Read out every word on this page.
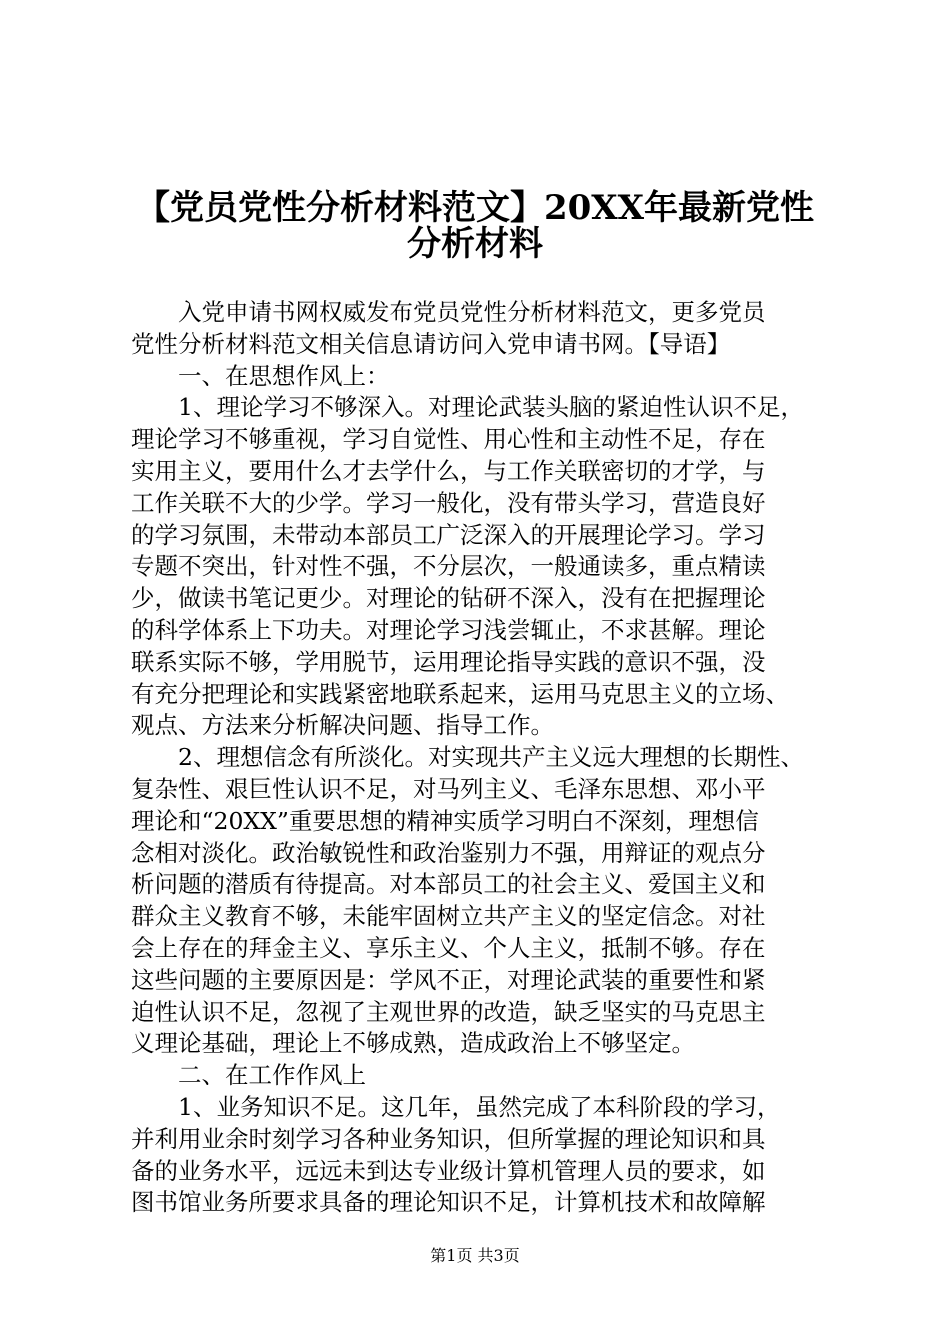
【党员党性分析材料范文】20XX年最新党性
分析材料
入党申请书网权威发布党员党性分析材料范文，更多党员
党性分析材料范文相关信息请访问入党申请书网。【导语】
一、在思想作风上：
1、理论学习不够深入。对理论武装头脑的紧迫性认识不足，
理论学习不够重视，学习自觉性、用心性和主动性不足，存在
实用主义，要用什么才去学什么，与工作关联密切的才学，与
工作关联不大的少学。学习一般化，没有带头学习，营造良好
的学习氛围，未带动本部员工广泛深入的开展理论学习。学习
专题不突出，针对性不强，不分层次，一般通读多，重点精读
少，做读书笔记更少。对理论的钻研不深入，没有在把握理论
的科学体系上下功夫。对理论学习浅尝辄止，不求甚解。理论
联系实际不够，学用脱节，运用理论指导实践的意识不强，没
有充分把理论和实践紧密地联系起来，运用马克思主义的立场、
观点、方法来分析解决问题、指导工作。
2、理想信念有所淡化。对实现共产主义远大理想的长期性、
复杂性、艰巨性认识不足，对马列主义、毛泽东思想、邓小平
理论和“20XX”重要思想的精神实质学习明白不深刻，理想信
念相对淡化。政治敏锐性和政治鉴别力不强，用辩证的观点分
析问题的潜质有待提高。对本部员工的社会主义、爱国主义和
群众主义教育不够，未能牢固树立共产主义的坚定信念。对社
会上存在的拜金主义、享乐主义、个人主义，抵制不够。存在
这些问题的主要原因是：学风不正，对理论武装的重要性和紧
迫性认识不足，忽视了主观世界的改造，缺乏坚实的马克思主
义理论基础，理论上不够成熟，造成政治上不够坚定。
二、在工作作风上
1、业务知识不足。这几年，虽然完成了本科阶段的学习，
并利用业余时刻学习各种业务知识，但所掌握的理论知识和具
备的业务水平，远远未到达专业级计算机管理人员的要求，如
图书馆业务所要求具备的理论知识不足，计算机技术和故障解
第1页 共3页
